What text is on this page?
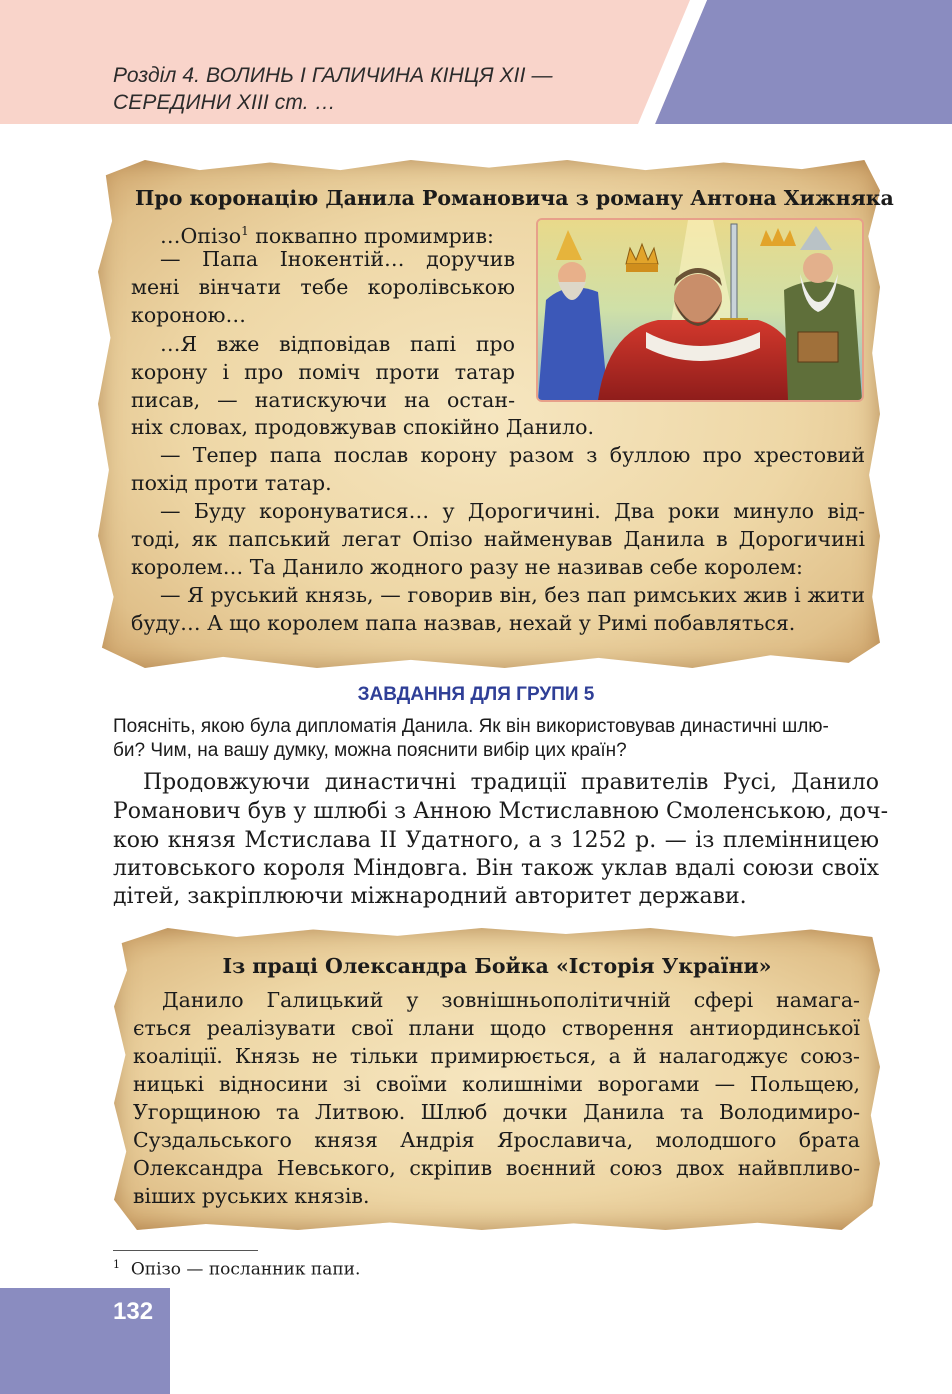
Розділ 4. ВОЛИНЬ І ГАЛИЧИНА КІНЦЯ ХІІ —
СЕРЕДИНИ ХІІІ ст. …
Про коронацію Данила Романовича з роману Антона Хижняка
…Опізо$^1$ поквапно промимрив:
— Папа Інокентій… доручив
мені вінчати тебе королівською
короною…
…Я вже відповідав папі про
корону і про поміч проти татар
писав, — натискуючи на остан-
ніх словах, продовжував спокійно Данило.
— Тепер папа послав корону разом з буллою про хрестовий
похід проти татар.
— Буду коронуватися… у Дорогичині. Два роки минуло від-
тоді, як папський легат Опізо найменував Данила в Дорогичині
королем… Та Данило жодного разу не називав себе королем:
— Я руський князь, — говорив він, без пап римських жив і жити
буду… А що королем папа назвав, нехай у Римі побавляться.
ЗАВДАННЯ ДЛЯ ГРУПИ 5
Поясніть, якою була дипломатія Данила. Як він використовував династичні шлю-
би? Чим, на вашу думку, можна пояснити вибір цих країн?
Продовжуючи династичні традиції правителів Русі, Данило
Романович був у шлюбі з Анною Мстиславною Смоленською, доч-
кою князя Мстислава ІІ Удатного, а з 1252 р. — із племінницею
литовського короля Міндовга. Він також уклав вдалі союзи своїх
дітей, закріплюючи міжнародний авторитет держави.
Із праці Олександра Бойка «Історія України»
Данило Галицький у зовнішньополітичній сфері намага-
ється реалізувати свої плани щодо створення антиординської
коаліції. Князь не тільки примирюється, а й налагоджує союз-
ницькі відносини зі своїми колишніми ворогами — Польщею,
Угорщиною та Литвою. Шлюб дочки Данила та Володимиро-
Суздальського князя Андрія Ярославича, молодшого брата
Олександра Невського, скріпив воєнний союз двох найвпливо-
віших руських князів.
$^1$ Опізо — посланник папи.
132
